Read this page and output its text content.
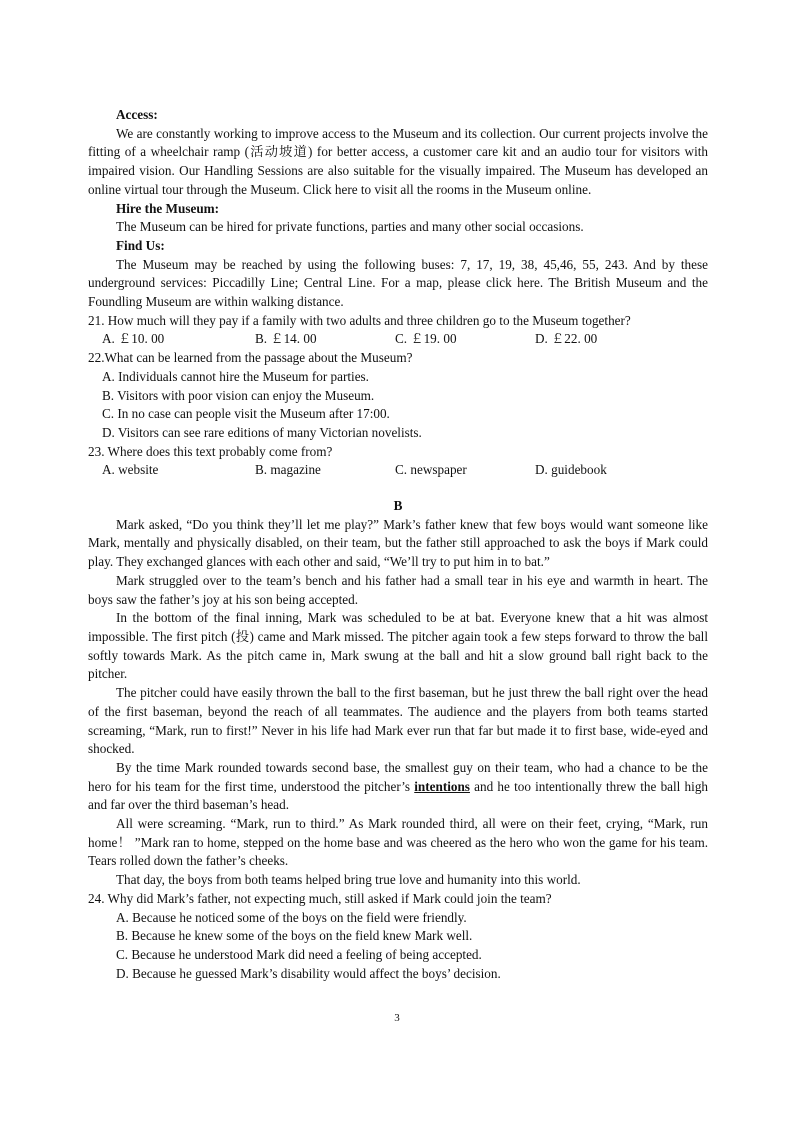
Access:

We are constantly working to improve access to the Museum and its collection. Our current projects involve the fitting of a wheelchair ramp (活动坡道) for better access, a customer care kit and an audio tour for visitors with impaired vision. Our Handling Sessions are also suitable for the visually impaired. The Museum has developed an online virtual tour through the Museum. Click here to visit all the rooms in the Museum online.

Hire the Museum:

The Museum can be hired for private functions, parties and many other social occasions.

Find Us:

The Museum may be reached by using the following buses: 7, 17, 19, 38, 45,46, 55, 243. And by these underground services: Piccadilly Line; Central Line. For a map, please click here. The British Museum and the Foundling Museum are within walking distance.

21. How much will they pay if a family with two adults and three children go to the Museum together?

A. ￡10. 00	B. ￡14. 00	C. ￡19. 00	D. ￡22. 00

22.What can be learned from the passage about the Museum?

A. Individuals cannot hire the Museum for parties.

B. Visitors with poor vision can enjoy the Museum.

C. In no case can people visit the Museum after 17:00.

D. Visitors can see rare editions of many Victorian novelists.

23. Where does this text probably come from?

A. website	B. magazine	C. newspaper	D. guidebook

B

Mark asked, “Do you think they’ll let me play?” Mark’s father knew that few boys would want someone like Mark, mentally and physically disabled, on their team, but the father still approached to ask the boys if Mark could play. They exchanged glances with each other and said, “We’ll try to put him in to bat.”

Mark struggled over to the team’s bench and his father had a small tear in his eye and warmth in heart. The boys saw the father’s joy at his son being accepted.

In the bottom of the final inning, Mark was scheduled to be at bat. Everyone knew that a hit was almost impossible. The first pitch (投) came and Mark missed. The pitcher again took a few steps forward to throw the ball softly towards Mark. As the pitch came in, Mark swung at the ball and hit a slow ground ball right back to the pitcher.

The pitcher could have easily thrown the ball to the first baseman, but he just threw the ball right over the head of the first baseman, beyond the reach of all teammates. The audience and the players from both teams started screaming, “Mark, run to first!” Never in his life had Mark ever run that far but made it to first base, wide-eyed and shocked.

By the time Mark rounded towards second base, the smallest guy on their team, who had a chance to be the hero for his team for the first time, understood the pitcher’s intentions and he too intentionally threw the ball high and far over the third baseman’s head.

All were screaming. “Mark, run to third.” As Mark rounded third, all were on their feet, crying, “Mark, run home！ ”Mark ran to home, stepped on the home base and was cheered as the hero who won the game for his team. Tears rolled down the father’s cheeks.

That day, the boys from both teams helped bring true love and humanity into this world.

24. Why did Mark’s father, not expecting much, still asked if Mark could join the team?

A. Because he noticed some of the boys on the field were friendly.

B. Because he knew some of the boys on the field knew Mark well.

C. Because he understood Mark did need a feeling of being accepted.

D. Because he guessed Mark’s disability would affect the boys’ decision.

3
